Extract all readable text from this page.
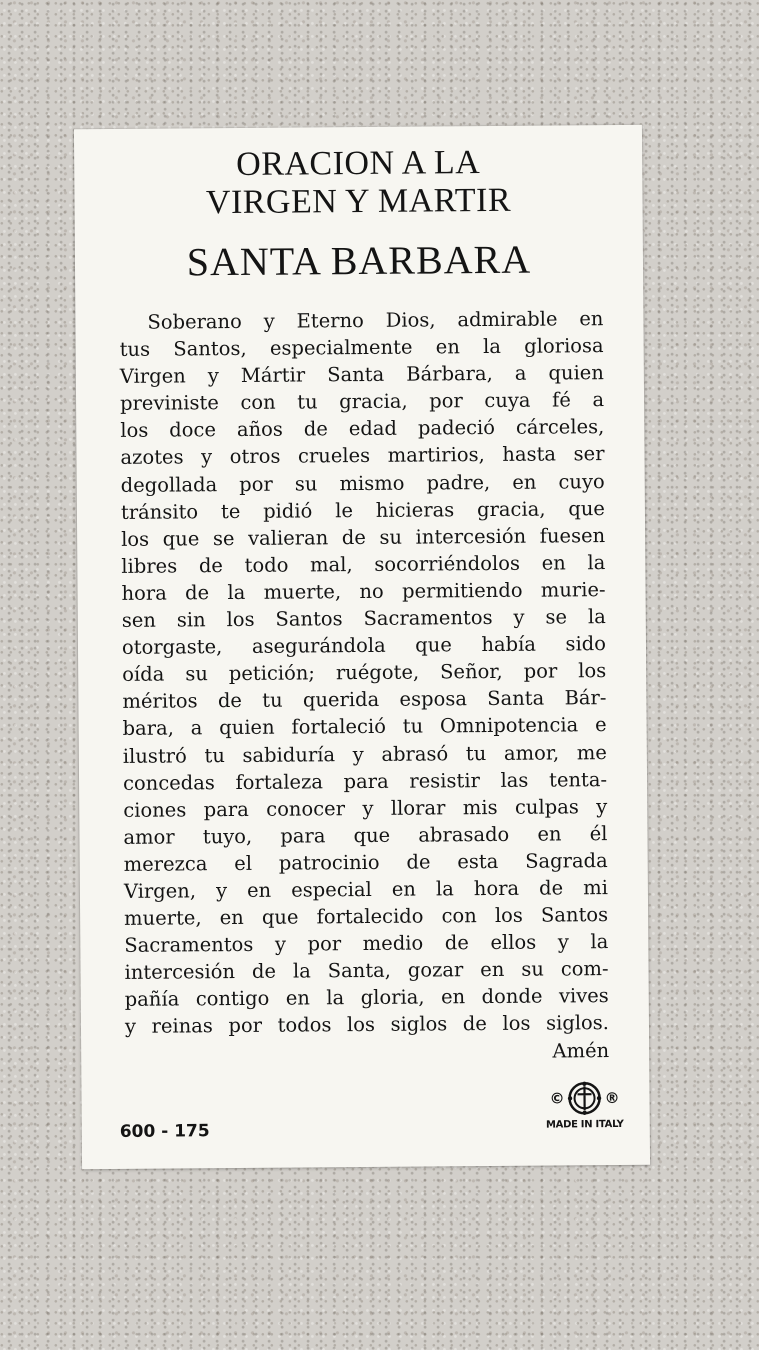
ORACION A LA
VIRGEN Y MARTIR
SANTA BARBARA
Soberano y Eterno Dios, admirable en
tus Santos, especialmente en la gloriosa
Virgen y Mártir Santa Bárbara, a quien
previniste con tu gracia, por cuya fé a
los doce años de edad padeció cárceles,
azotes y otros crueles martirios, hasta ser
degollada por su mismo padre, en cuyo
tránsito te pidió le hicieras gracia, que
los que se valieran de su intercesión fuesen
libres de todo mal, socorriéndolos en la
hora de la muerte, no permitiendo murie-
sen sin los Santos Sacramentos y se la
otorgaste, asegurándola que había sido
oída su petición; ruégote, Señor, por los
méritos de tu querida esposa Santa Bár-
bara, a quien fortaleció tu Omnipotencia e
ilustró tu sabiduría y abrasó tu amor, me
concedas fortaleza para resistir las tenta-
ciones para conocer y llorar mis culpas y
amor tuyo, para que abrasado en él
merezca el patrocinio de esta Sagrada
Virgen, y en especial en la hora de mi
muerte, en que fortalecido con los Santos
Sacramentos y por medio de ellos y la
intercesión de la Santa, gozar en su com-
pañía contigo en la gloria, en donde vives
y reinas por todos los siglos de los siglos.
Amén
600 - 175
©	®
MADE IN ITALY
